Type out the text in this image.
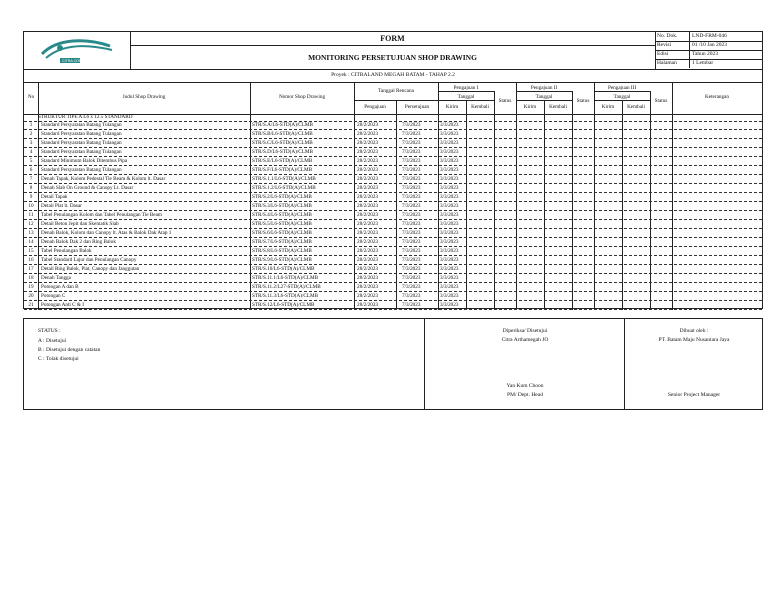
CITRA CONTRA
FORM
MONITORING PERSETUJUAN SHOP DRAWING
No. Dok.	LND-FRM-046
Revisi	01 /10 Jan 2023
Edisi	Tahun 2023
Halaman	1 Lembar
Proyek : CITRALAND MEGAH BATAM - TAHAP 2.2
No	Judul Shop Drawing	Nomor Shop Drawing
Tanggal Rencana
Pengajuan	Persetujuan
Pengajuan I
Tanggal
Kirim	Kembali
Status
Pengajuan II
Tanggal
Kirim	Kembali
Status
Pengajuan III
Tanggal
Kirim	Kembali
Status
Keterangan
STRUKTUR TIPE A L6 x 12.5 STANDARD
1	Standard Persyaratan Batang Tulangan	STR/S.A/L6-STD(A)/CLMB	28/2/2023	7/3/2023	3/3/2023
2	Standard Persyaratan Batang Tulangan	STR/S.B/L6-STD(A)/CLMB	28/2/2023	7/3/2023	3/3/2023
3	Standard Persyaratan Batang Tulangan	STR/S.C/L6-STD(A)/CLMB	28/2/2023	7/3/2023	3/3/2023
4	Standard Persyaratan Batang Tulangan	STR/S.D/L6-STD(A)/CLMB	28/2/2023	7/3/2023	3/3/2023
5	Standard Minimum Balok Ditembus Pipa	STR/S.E/L6-STD(A)/CLMB	28/2/2023	7/3/2023	3/3/2023
6	Standard Persyaratan Batang Tulangan	STR/S.F/L6-STD(A)/CLMB	28/2/2023	7/3/2023	3/3/2023
7	Denah Tapak, Kolom Pedestal Tie Beam & Kolom lt. Dasar	STR/S.1.1/L6-STD(A)/CLMB	28/2/2023	7/3/2023	3/3/2023
8	Denah Slab On Ground & Canopy Lt. Dasar	STR/S.1.2/L6-STD(A)/CLMB	28/2/2023	7/3/2023	3/3/2023
9	Detail Tapak	STR/S.2/L6-STD(A)/CLMB	28/2/2023	7/3/2023	3/3/2023
10	Detail Plat lt. Dasar	STR/S.3/L6-STD(A)/CLMB	28/2/2023	7/3/2023	3/3/2023
11	Tabel Penulangan Kolom dan Tabel Penulangan Tie Beam	STR/S.4/L6-STD(A)/CLMB	28/2/2023	7/3/2023	3/3/2023
12	Detail Beton Jepit dan Skematik Slab	STR/S.5/L6-STD(A)/CLMB	28/2/2023	7/3/2023	3/3/2023
13	Denah Balok, Kolom dan Canopy lt. Atas & Balok Dak Atap 1	STR/S.6/L6-STD(A)/CLMB	28/2/2023	7/3/2023	3/3/2023
14	Denah Balok Dak 2 dan Ring Balok	STR/S.7/L6-STD(A)/CLMB	28/2/2023	7/3/2023	3/3/2023
15	Tabel Penulangan Balok	STR/S.8/L6-STD(A)/CLMB	28/2/2023	7/3/2023	3/3/2023
16	Tabel Standard Lajur dan Penulangan Canopy	STR/S.9/L6-STD(A)/CLMB	28/2/2023	7/3/2023	3/3/2023
17	Detail Ring Balok, Plat, Canopy dan Janggutan	STR/S.10/L6-STD(A)/CLMB	28/2/2023	7/3/2023	3/3/2023
18	Denah Tangga	STR/S.11.1/L6-STD(A)/CLMB	28/2/2023	7/3/2023	3/3/2023
19	Potongan A dan B	STR/S.11.2/L27-STD(A)/CLMB	28/2/2023	7/3/2023	3/3/2023
20	Potongan C	STR/S.11.3/L6-STD(A)/CLMB	28/2/2023	7/3/2023	3/3/2023
21	Potongan Anti C & I	STR/S.12/L6-STD(A)/CLMB	28/2/2023	7/3/2023	3/3/2023
STATUS :
A : Disetujui
B : Disetujui dengan catatan
C : Tolak disetujui
Diperiksa/ Disetujui
Citra Arthamegah JO
Yan Kum Choon
PM/ Dept. Head
Dibuat oleh :
PT. Batam Maju Nusantara Jaya
Senior Project Manager
